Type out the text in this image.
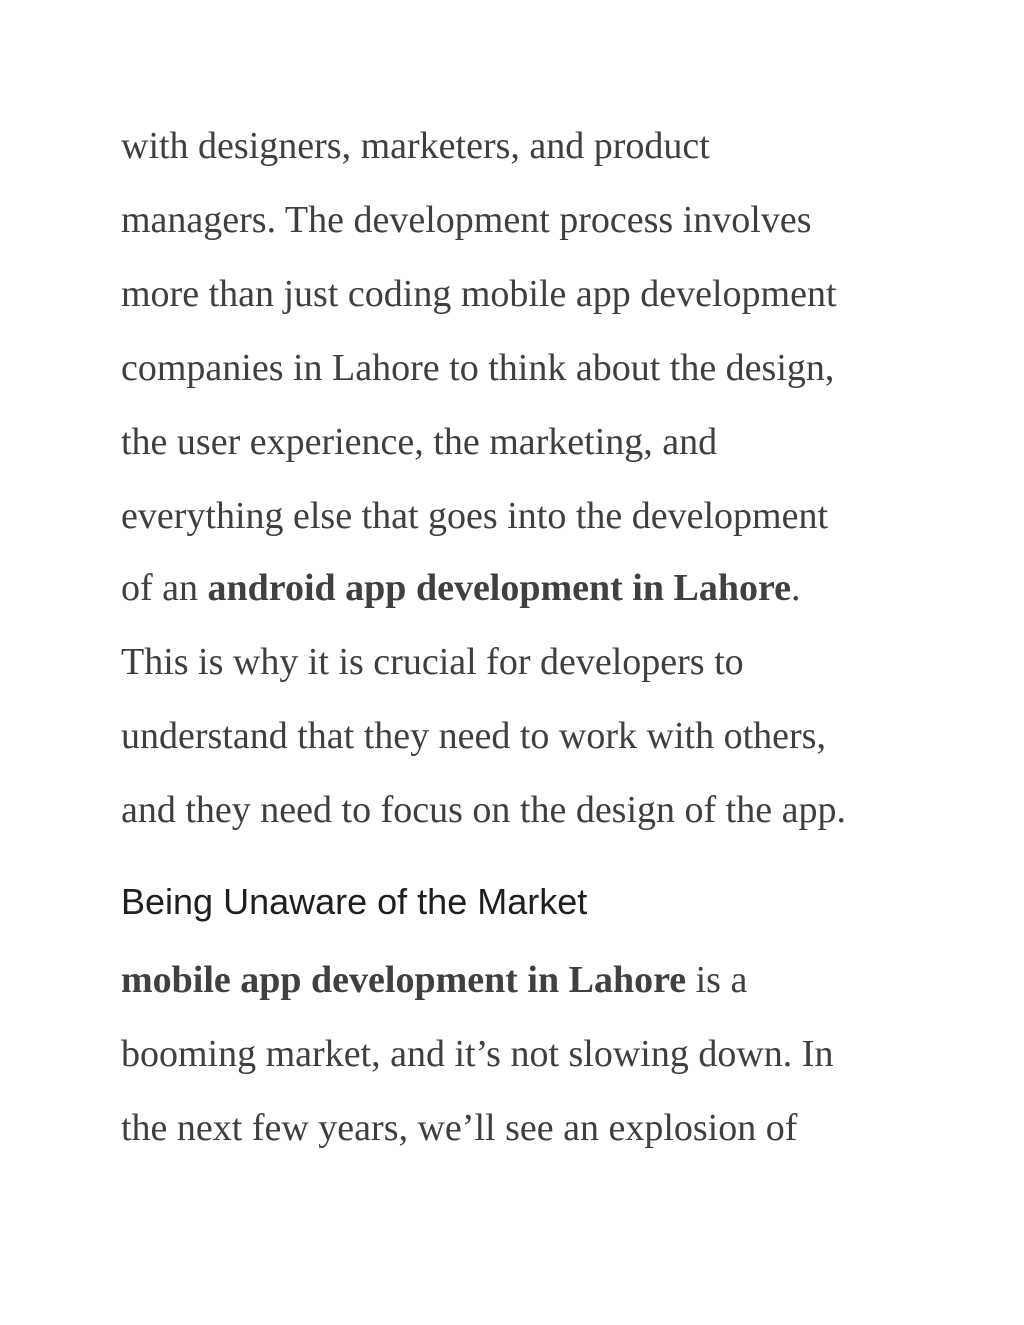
with designers, marketers, and product
managers. The development process involves
more than just coding mobile app development
companies in Lahore to think about the design,
the user experience, the marketing, and
everything else that goes into the development
of an android app development in Lahore.
This is why it is crucial for developers to
understand that they need to work with others,
and they need to focus on the design of the app.
Being Unaware of the Market
mobile app development in Lahore is a
booming market, and it’s not slowing down. In
the next few years, we’ll see an explosion of
